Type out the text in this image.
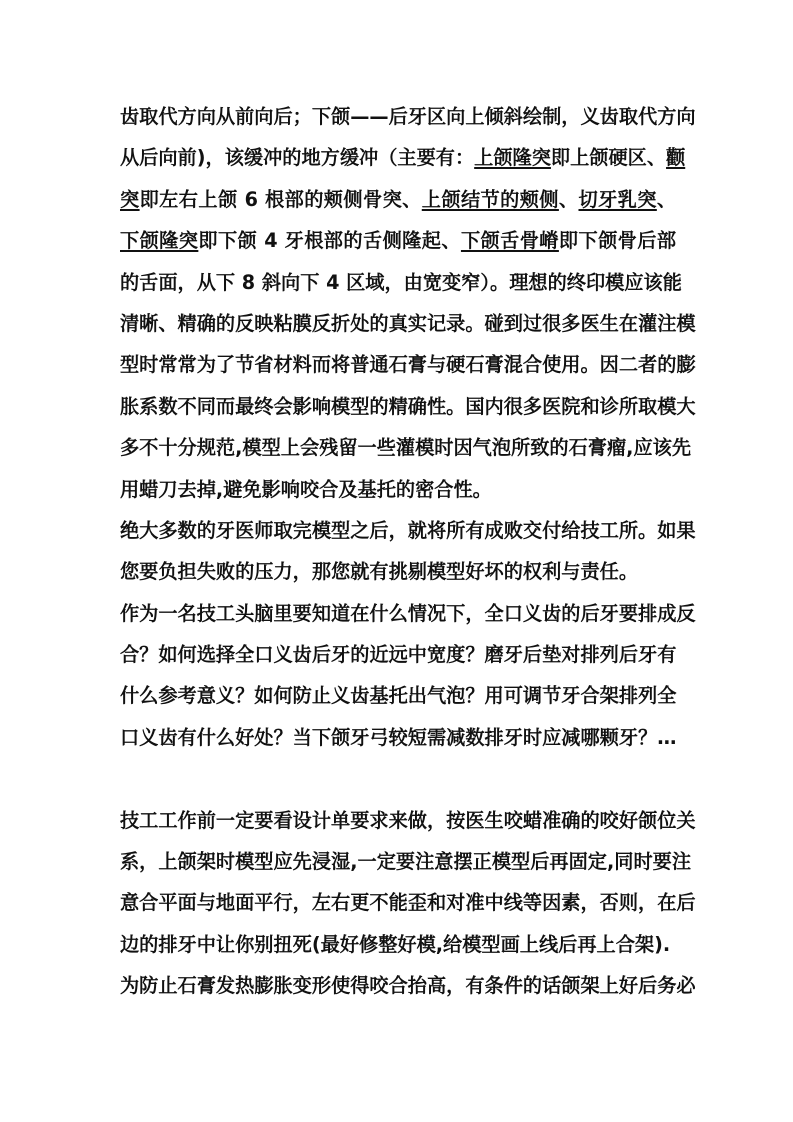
齿取代方向从前向后；下颌——后牙区向上倾斜绘制，义齿取代方向
从后向前)，该缓冲的地方缓冲（主要有：上颌隆突即上颌硬区、颧
突即左右上颌 6 根部的颊侧骨突、上颌结节的颊侧、切牙乳突、
下颌隆突即下颌 4 牙根部的舌侧隆起、下颌舌骨嵴即下颌骨后部
的舌面，从下 8 斜向下 4 区域，由宽变窄）。理想的终印模应该能
清晰、精确的反映粘膜反折处的真实记录。碰到过很多医生在灌注模
型时常常为了节省材料而将普通石膏与硬石膏混合使用。因二者的膨
胀系数不同而最终会影响模型的精确性。国内很多医院和诊所取模大
多不十分规范,模型上会残留一些灌模时因气泡所致的石膏瘤,应该先
用蜡刀去掉,避免影响咬合及基托的密合性。
绝大多数的牙医师取完模型之后，就将所有成败交付给技工所。如果
您要负担失败的压力，那您就有挑剔模型好坏的权利与责任。
作为一名技工头脑里要知道在什么情况下，全口义齿的后牙要排成反
合？如何选择全口义齿后牙的近远中宽度？磨牙后垫对排列后牙有
什么参考意义？如何防止义齿基托出气泡？用可调节牙合架排列全
口义齿有什么好处？当下颌牙弓较短需减数排牙时应减哪颗牙？…
技工工作前一定要看设计单要求来做，按医生咬蜡准确的咬好颌位关
系，上颌架时模型应先浸湿,一定要注意摆正模型后再固定,同时要注
意合平面与地面平行，左右更不能歪和对准中线等因素，否则，在后
边的排牙中让你别扭死(最好修整好模,给模型画上线后再上合架).
为防止石膏发热膨胀变形使得咬合抬高，有条件的话颌架上好后务必
